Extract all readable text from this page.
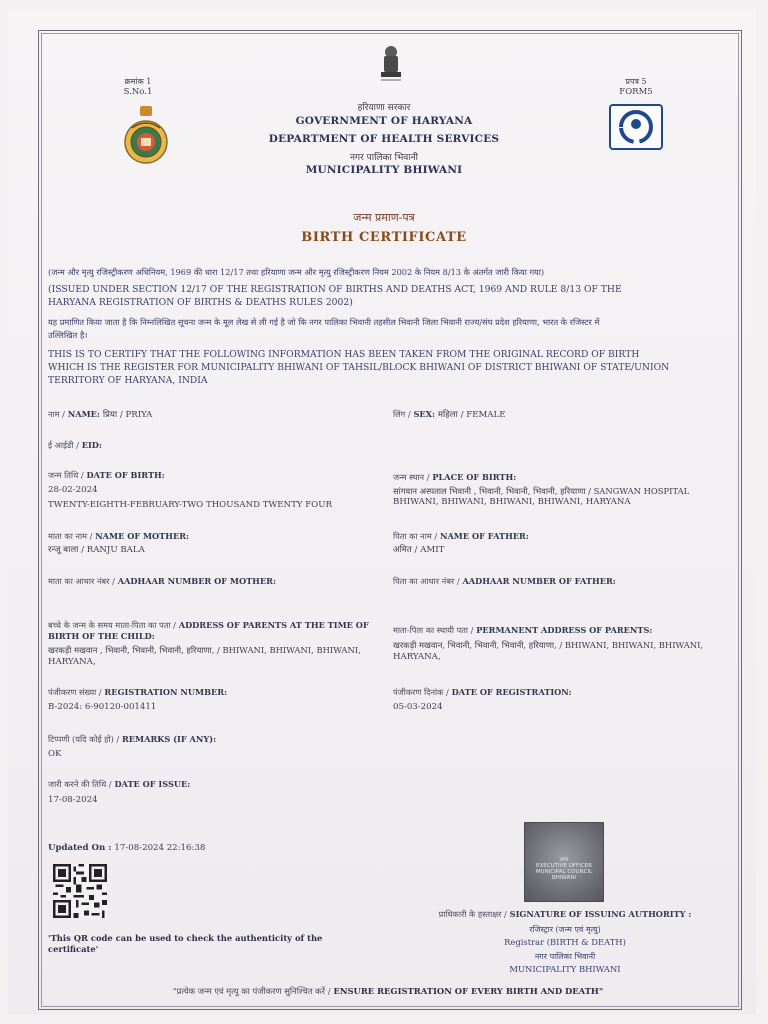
क्रमांक 1
S.No.1
हरियाणा सरकार
GOVERNMENT OF HARYANA
DEPARTMENT OF HEALTH SERVICES
नगर पालिका भिवानी
MUNICIPALITY BHIWANI
प्रपत्र 5
FORM5
जन्म प्रमाण-पत्र
BIRTH CERTIFICATE
(जन्म और मृत्यु रजिस्ट्रीकरण अधिनियम, 1969 की धारा 12/17 तथा हरियाणा जन्म और मृत्यु रजिस्ट्रीकरण नियम 2002 के नियम 8/13 के अंतर्गत जारी किया गया)
(ISSUED UNDER SECTION 12/17 OF THE REGISTRATION OF BIRTHS AND DEATHS ACT, 1969 AND RULE 8/13 OF THE
HARYANA REGISTRATION OF BIRTHS & DEATHS RULES 2002)
यह प्रमाणित किया जाता है कि निम्नलिखित सूचना जन्म के मूल लेख से ली गई है जो कि नगर पालिका भिवानी तहसील भिवानी जिला भिवानी राज्य/संघ प्रदेश हरियाणा, भारत के रजिस्टर में
उल्लिखित है।
THIS IS TO CERTIFY THAT THE FOLLOWING INFORMATION HAS BEEN TAKEN FROM THE ORIGINAL RECORD OF BIRTH
WHICH IS THE REGISTER FOR MUNICIPALITY BHIWANI OF TAHSIL/BLOCK BHIWANI OF DISTRICT BHIWANI OF STATE/UNION
TERRITORY OF HARYANA, INDIA
नाम / NAME: प्रिया / PRIYA	लिंग / SEX: महिला / FEMALE
ई आईडी / EID:
जन्म तिथि / DATE OF BIRTH:
28-02-2024
TWENTY-EIGHTH-FEBRUARY-TWO THOUSAND TWENTY FOUR
जन्म स्थान / PLACE OF BIRTH:
सांगवान अस्पताल भिवानी , भिवानी, भिवानी, भिवानी, हरियाणा / SANGWAN HOSPITAL
BHIWANI, BHIWANI, BHIWANI, BHIWANI, HARYANA
माता का नाम / NAME OF MOTHER:
रन्जू बाला / RANJU BALA
पिता का नाम / NAME OF FATHER:
अमित / AMIT
माता का आधार नंबर / AADHAAR NUMBER OF MOTHER:	पिता का आधार नंबर / AADHAAR NUMBER OF FATHER:
बच्चे के जन्म के समय माता-पिता का पता / ADDRESS OF PARENTS AT THE TIME OF
BIRTH OF THE CHILD:
खरकड़ी मखवान , भिवानी, भिवानी, भिवानी, हरियाणा, / BHIWANI, BHIWANI, BHIWANI,
HARYANA,
माता-पिता का स्थायी पता / PERMANENT ADDRESS OF PARENTS:
खरकड़ी मखवान, भिवानी, भिवानी, भिवानी, हरियाणा, / BHIWANI, BHIWANI, BHIWANI,
HARYANA,
पंजीकरण संख्या / REGISTRATION NUMBER:
B-2024: 6-90120-001411
पंजीकरण दिनांक / DATE OF REGISTRATION:
05-03-2024
टिप्पणी (यदि कोई हो) / REMARKS (IF ANY):
OK
जारी करने की तिथि / DATE OF ISSUE:
17-08-2024
Updated On : 17-08-2024 22:16:38
'This QR code can be used to check the authenticity of the
certificate'
नगर
EXECUTIVE OFFICER
MUNICIPAL COUNCIL
BHIWANI
प्राधिकारी के हस्ताक्षर / SIGNATURE OF ISSUING AUTHORITY :
रजिस्ट्रार (जन्म एवं मृत्यु)
Registrar (BIRTH & DEATH)
नगर पालिका भिवानी
MUNICIPALITY BHIWANI
"प्रत्येक जन्म एवं मृत्यु का पंजीकरण सुनिश्चित करें / ENSURE REGISTRATION OF EVERY BIRTH AND DEATH"
